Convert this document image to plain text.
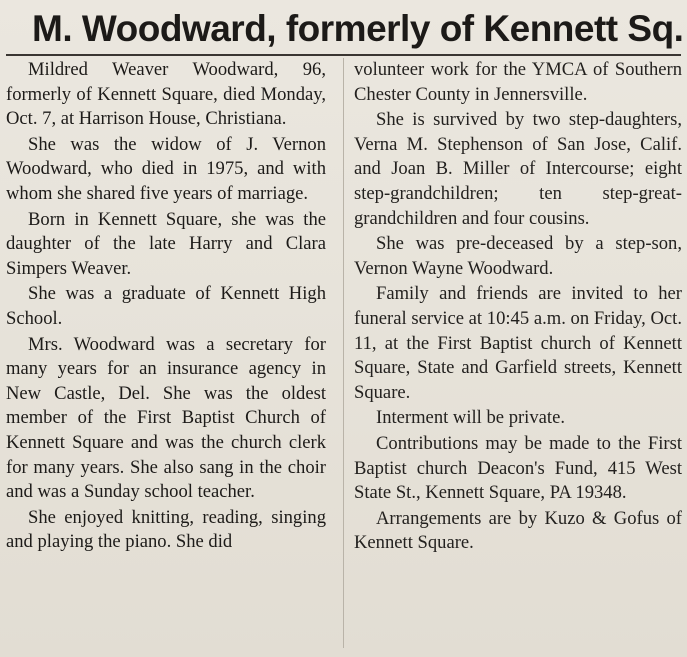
M. Woodward, formerly of Kennett Sq.

Mildred Weaver Woodward, 96, formerly of Kennett Square, died Monday, Oct. 7, at Harrison House, Christiana.

She was the widow of J. Vernon Woodward, who died in 1975, and with whom she shared five years of marriage.

Born in Kennett Square, she was the daughter of the late Harry and Clara Simpers Weaver.

She was a graduate of Kennett High School.

Mrs. Woodward was a secretary for many years for an insurance agency in New Castle, Del. She was the oldest member of the First Baptist Church of Kennett Square and was the church clerk for many years. She also sang in the choir and was a Sunday school teacher.

She enjoyed knitting, reading, singing and playing the piano. She did

volunteer work for the YMCA of Southern Chester County in Jennersville.

She is survived by two step-daughters, Verna M. Stephenson of San Jose, Calif. and Joan B. Miller of Intercourse; eight step-grandchildren; ten step-great-grandchildren and four cousins.

She was pre-deceased by a step-son, Vernon Wayne Woodward.

Family and friends are invited to her funeral service at 10:45 a.m. on Friday, Oct. 11, at the First Baptist church of Kennett Square, State and Garfield streets, Kennett Square.

Interment will be private.

Contributions may be made to the First Baptist church Deacon's Fund, 415 West State St., Kennett Square, PA 19348.

Arrangements are by Kuzo & Gofus of Kennett Square.
